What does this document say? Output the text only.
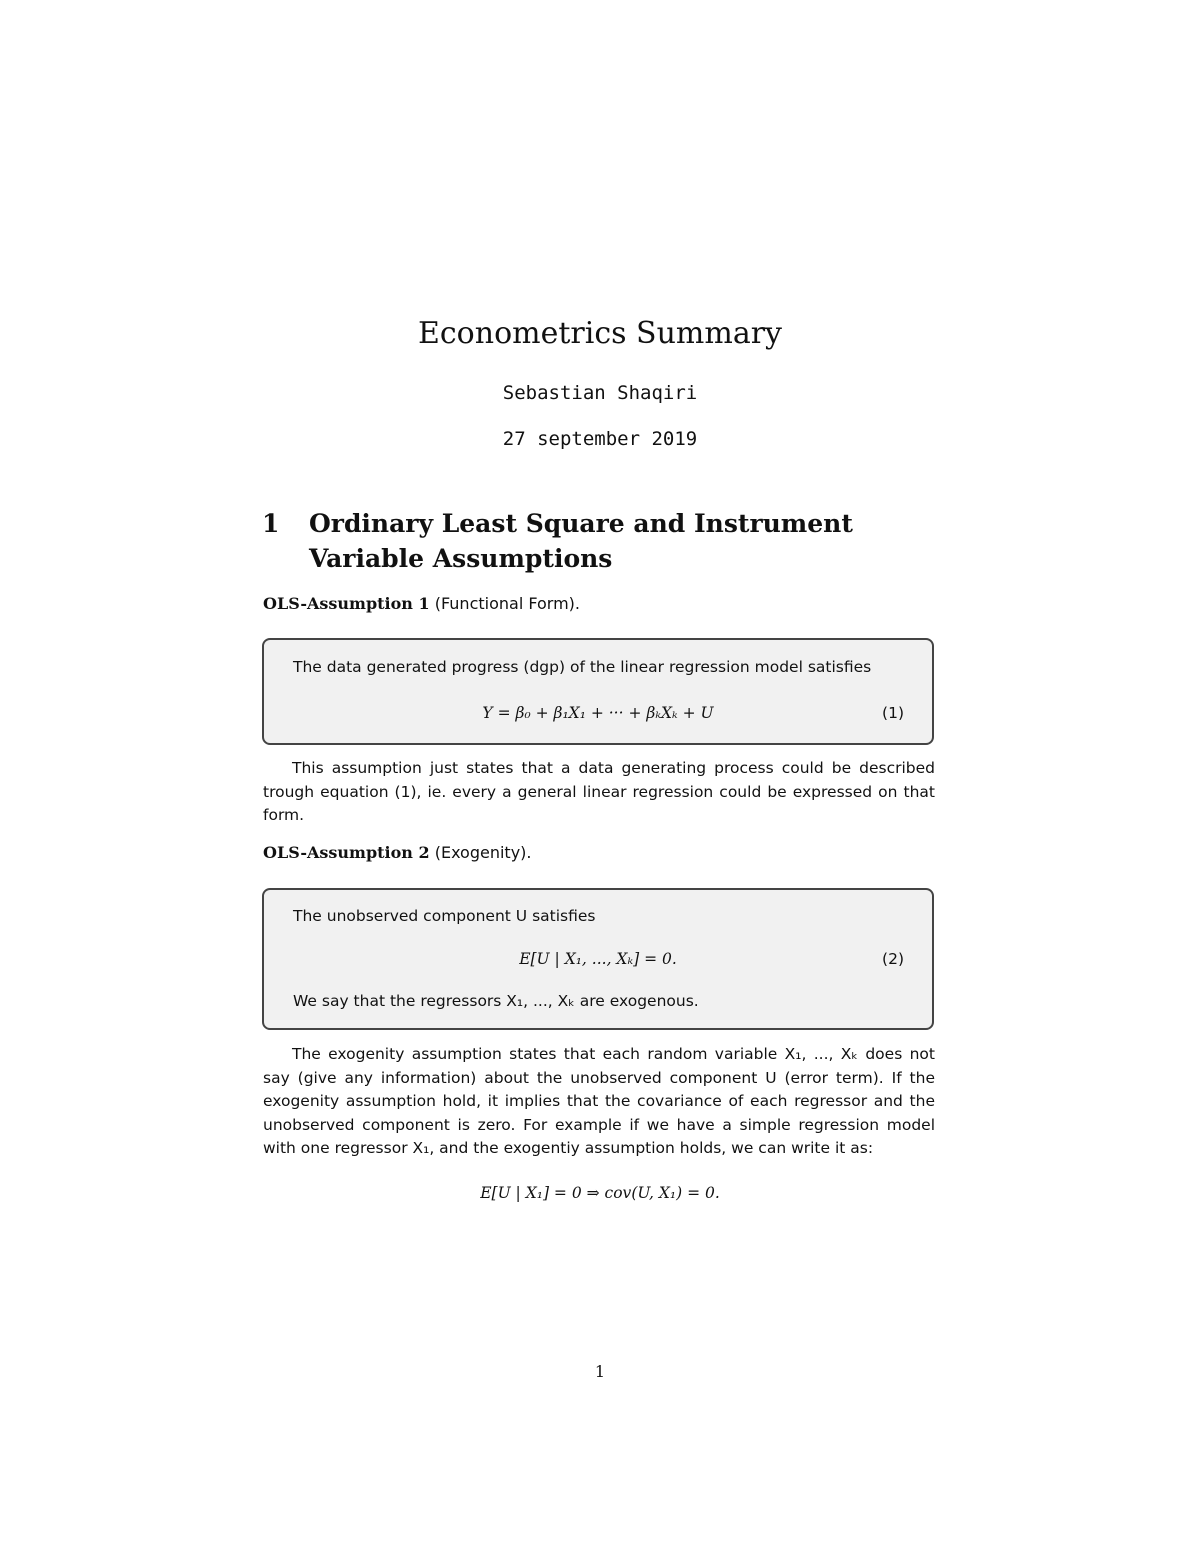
Econometrics Summary
Sebastian Shaqiri
27 september 2019
1 Ordinary Least Square and Instrument Variable Assumptions
OLS-Assumption 1 (Functional Form).
The data generated progress (dgp) of the linear regression model satisfies
Y = β₀ + β₁X₁ + ··· + βₖXₖ + U	(1)

This assumption just states that a data generating process could be described trough equation (1), ie. every a general linear regression could be expressed on that form.

OLS-Assumption 2 (Exogenity).
The unobserved component U satisfies
E[U | X₁, ..., Xₖ] = 0.	(2)
We say that the regressors X₁, ..., Xₖ are exogenous.

The exogenity assumption states that each random variable X₁, ..., Xₖ does not say (give any information) about the unobserved component U (error term). If the exogenity assumption hold, it implies that the covariance of each regressor and the unobserved component is zero. For example if we have a simple regression model with one regressor X₁, and the exogentiy assumption holds, we can write it as:

E[U | X₁] = 0 ⇒ cov(U, X₁) = 0.
1
